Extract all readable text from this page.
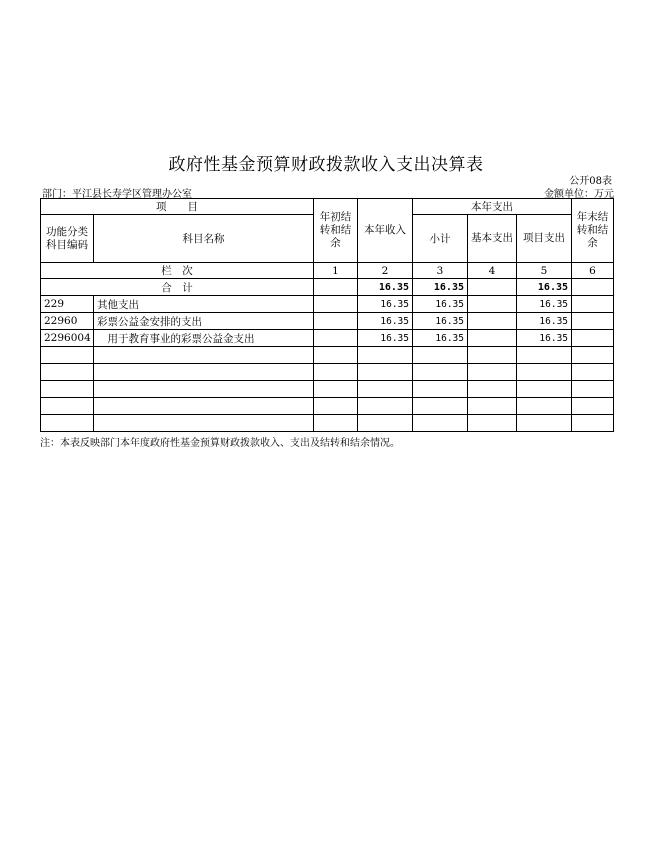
政府性基金预算财政拨款收入支出决算表
公开08表
部门：平江县长寿学区管理办公室	金额单位：万元
项　　目		年初结转和结余	本年收入	本年支出			年末结转和结余
功能分类科目编码	科目名称			小计	基本支出	项目支出	
栏　次		1	2	3	4	5	6
合　计			16.35	16.35		16.35	
229	其他支出		16.35	16.35		16.35	
22960	彩票公益金安排的支出		16.35	16.35		16.35	
2296004	　用于教育事业的彩票公益金支出		16.35	16.35		16.35	

注：本表反映部门本年度政府性基金预算财政拨款收入、支出及结转和结余情况。
